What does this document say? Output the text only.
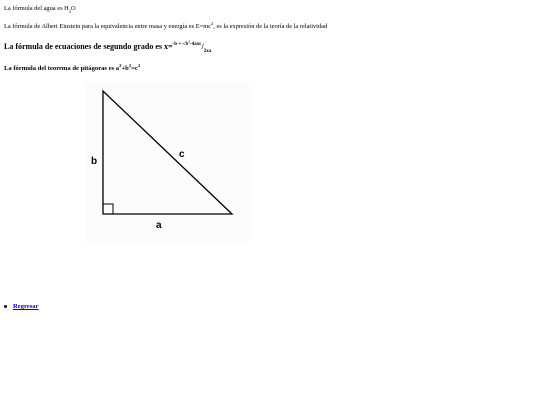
La fórmula del agua es $H_2O$
La fórmula de Albert Einstein para la equivalencia entre masa y energía es $E=mc^2$, es la expresión de la teoría de la relatividad
La fórmula de ecuaciones de segundo grado es $x=^{-b +-√b^2-4axc}/_{2xa}$
La fórmula del teorema de pitágoras es $a^2+b^2=c^2$
b
c
a
Regresar
